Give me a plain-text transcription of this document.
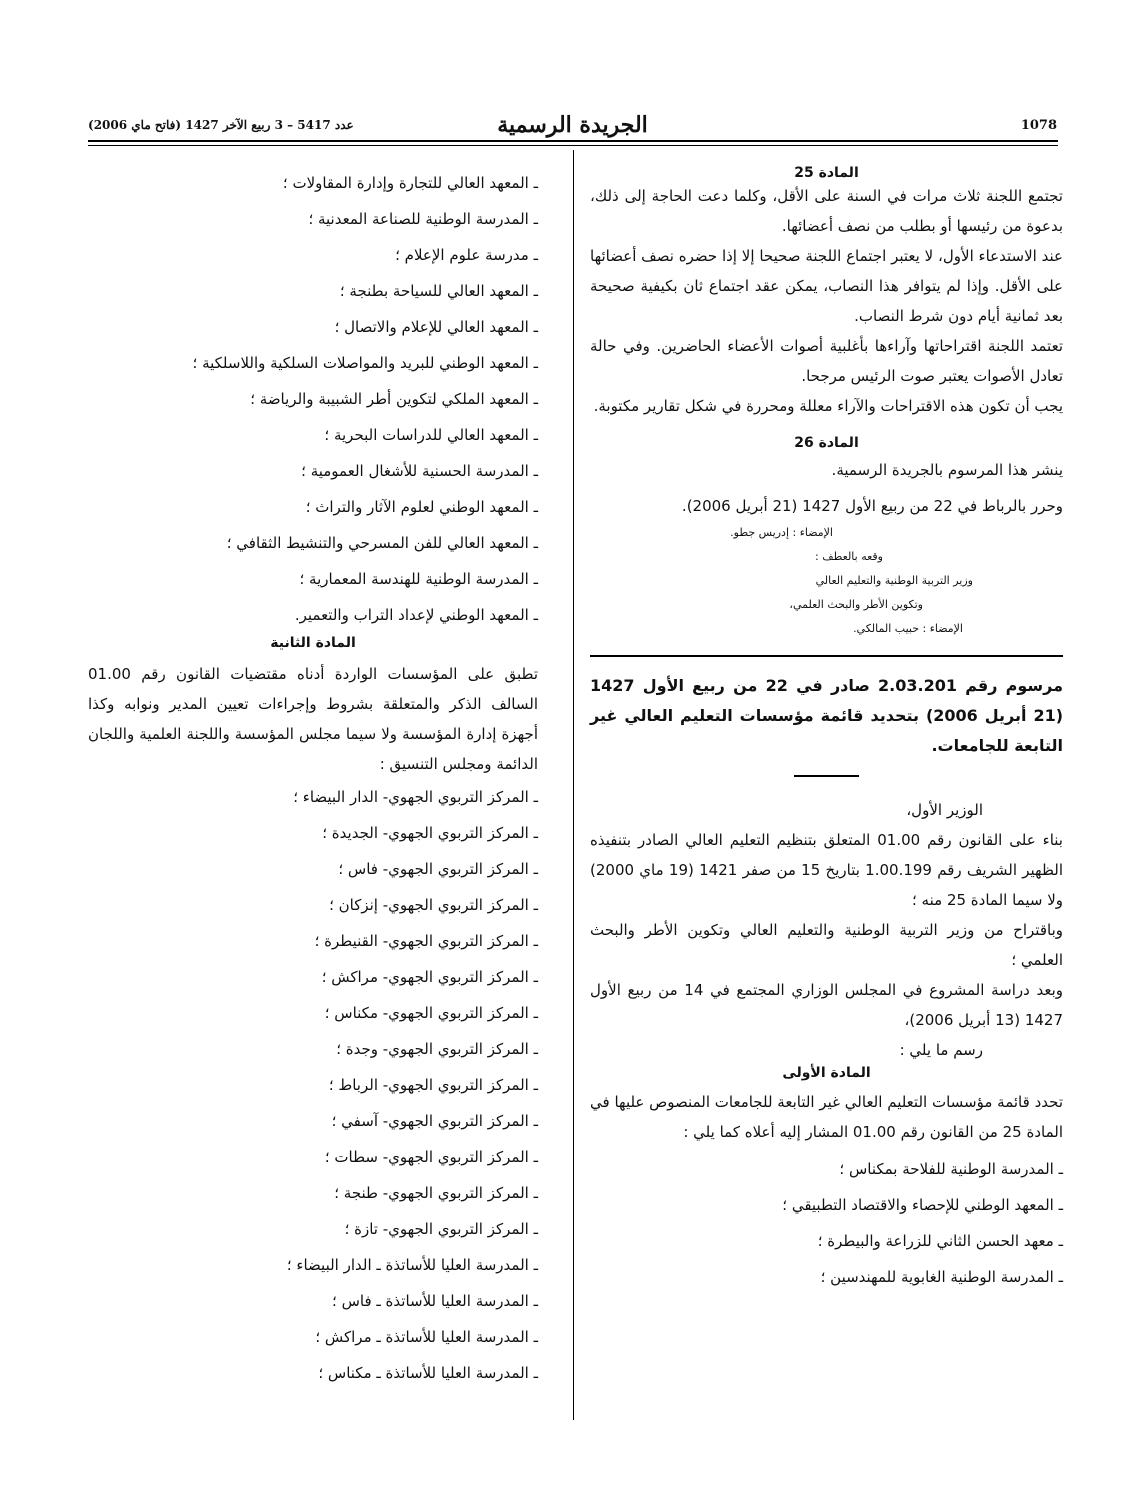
1078
الجريدة الرسمية
عدد 5417 – 3 ربيع الآخر 1427 (فاتح ماي 2006)

المادة 25

تجتمع اللجنة ثلاث مرات في السنة على الأقل، وكلما دعت الحاجة إلى ذلك، بدعوة من رئيسها أو بطلب من نصف أعضائها.

عند الاستدعاء الأول، لا يعتبر اجتماع اللجنة صحيحا إلا إذا حضره نصف أعضائها على الأقل. وإذا لم يتوافر هذا النصاب، يمكن عقد اجتماع ثان بكيفية صحيحة بعد ثمانية أيام دون شرط النصاب.

تعتمد اللجنة اقتراحاتها وآراءها بأغلبية أصوات الأعضاء الحاضرين. وفي حالة تعادل الأصوات يعتبر صوت الرئيس مرجحا.

يجب أن تكون هذه الاقتراحات والآراء معللة ومحررة في شكل تقارير مكتوبة.

المادة 26

ينشر هذا المرسوم بالجريدة الرسمية.

وحرر بالرباط في 22 من ربيع الأول 1427 (21 أبريل 2006).

الإمضاء : إدريس جطو.

وقعه بالعطف :

وزير التربية الوطنية والتعليم العالي

وتكوين الأطر والبحث العلمي،

الإمضاء : حبيب المالكي.

مرسوم رقم 2.03.201 صادر في 22 من ربيع الأول 1427 (21 أبريل 2006) بتحديد قائمة مؤسسات التعليم العالي غير التابعة للجامعات.

الوزير الأول،

بناء على القانون رقم 01.00 المتعلق بتنظيم التعليم العالي الصادر بتنفيذه الظهير الشريف رقم 1.00.199 بتاريخ 15 من صفر 1421 (19 ماي 2000) ولا سيما المادة 25 منه ؛

وباقتراح من وزير التربية الوطنية والتعليم العالي وتكوين الأطر والبحث العلمي ؛

وبعد دراسة المشروع في المجلس الوزاري المجتمع في 14 من ربيع الأول 1427 (13 أبريل 2006)،

رسم ما يلي :

المادة الأولى

تحدد قائمة مؤسسات التعليم العالي غير التابعة للجامعات المنصوص عليها في المادة 25 من القانون رقم 01.00 المشار إليه أعلاه كما يلي :

ـ المدرسة الوطنية للفلاحة بمكناس ؛

ـ المعهد الوطني للإحصاء والاقتصاد التطبيقي ؛

ـ معهد الحسن الثاني للزراعة والبيطرة ؛

ـ المدرسة الوطنية الغابوية للمهندسين ؛

ـ المعهد العالي للتجارة وإدارة المقاولات ؛

ـ المدرسة الوطنية للصناعة المعدنية ؛

ـ مدرسة علوم الإعلام ؛

ـ المعهد العالي للسياحة بطنجة ؛

ـ المعهد العالي للإعلام والاتصال ؛

ـ المعهد الوطني للبريد والمواصلات السلكية واللاسلكية ؛

ـ المعهد الملكي لتكوين أطر الشبيبة والرياضة ؛

ـ المعهد العالي للدراسات البحرية ؛

ـ المدرسة الحسنية للأشغال العمومية ؛

ـ المعهد الوطني لعلوم الآثار والتراث ؛

ـ المعهد العالي للفن المسرحي والتنشيط الثقافي ؛

ـ المدرسة الوطنية للهندسة المعمارية ؛

ـ المعهد الوطني لإعداد التراب والتعمير.

المادة الثانية

تطبق على المؤسسات الواردة أدناه مقتضيات القانون رقم 01.00 السالف الذكر والمتعلقة بشروط وإجراءات تعيين المدير ونوابه وكذا أجهزة إدارة المؤسسة ولا سيما مجلس المؤسسة واللجنة العلمية واللجان الدائمة ومجلس التنسيق :

ـ المركز التربوي الجهوي- الدار البيضاء ؛

ـ المركز التربوي الجهوي- الجديدة ؛

ـ المركز التربوي الجهوي- فاس ؛

ـ المركز التربوي الجهوي- إنزكان ؛

ـ المركز التربوي الجهوي- القنيطرة ؛

ـ المركز التربوي الجهوي- مراكش ؛

ـ المركز التربوي الجهوي- مكناس ؛

ـ المركز التربوي الجهوي- وجدة ؛

ـ المركز التربوي الجهوي- الرباط ؛

ـ المركز التربوي الجهوي- آسفي ؛

ـ المركز التربوي الجهوي- سطات ؛

ـ المركز التربوي الجهوي- طنجة ؛

ـ المركز التربوي الجهوي- تازة ؛

ـ المدرسة العليا للأساتذة ـ الدار البيضاء ؛

ـ المدرسة العليا للأساتذة ـ فاس ؛

ـ المدرسة العليا للأساتذة ـ مراكش ؛

ـ المدرسة العليا للأساتذة ـ مكناس ؛
